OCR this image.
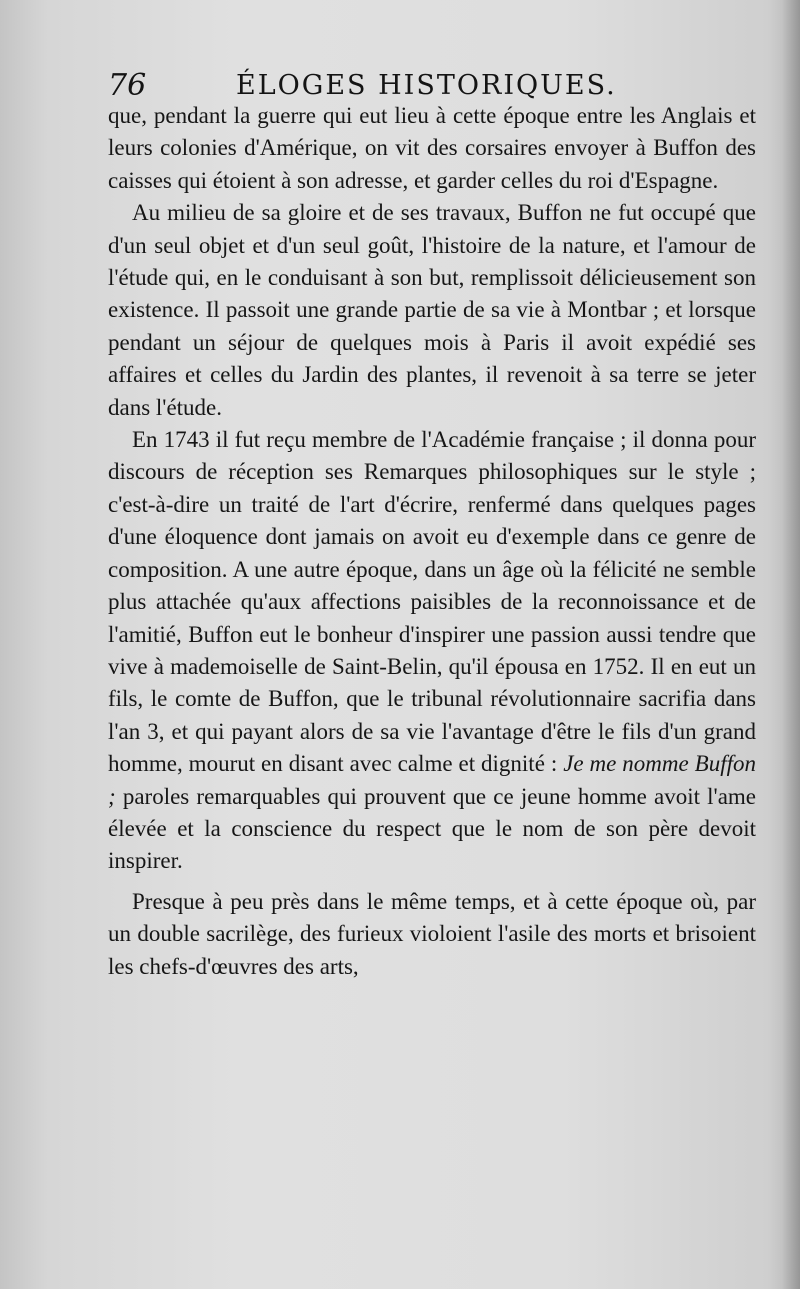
76	ÉLOGES HISTORIQUES.

que, pendant la guerre qui eut lieu à cette époque entre les Anglais et leurs colonies d'Amérique, on vit des corsaires envoyer à Buffon des caisses qui étoient à son adresse, et garder celles du roi d'Espagne.

Au milieu de sa gloire et de ses travaux, Buffon ne fut occupé que d'un seul objet et d'un seul goût, l'histoire de la nature, et l'amour de l'étude qui, en le conduisant à son but, remplissoit délicieusement son existence. Il passoit une grande partie de sa vie à Montbar ; et lorsque pendant un séjour de quelques mois à Paris il avoit expédié ses affaires et celles du Jardin des plantes, il revenoit à sa terre se jeter dans l'étude.

En 1743 il fut reçu membre de l'Académie française ; il donna pour discours de réception ses Remarques philosophiques sur le style ; c'est-à-dire un traité de l'art d'écrire, renfermé dans quelques pages d'une éloquence dont jamais on avoit eu d'exemple dans ce genre de composition. A une autre époque, dans un âge où la félicité ne semble plus attachée qu'aux affections paisibles de la reconnoissance et de l'amitié, Buffon eut le bonheur d'inspirer une passion aussi tendre que vive à mademoiselle de Saint-Belin, qu'il épousa en 1752. Il en eut un fils, le comte de Buffon, que le tribunal révolutionnaire sacrifia dans l'an 3, et qui payant alors de sa vie l'avantage d'être le fils d'un grand homme, mourut en disant avec calme et dignité : Je me nomme Buffon ; paroles remarquables qui prouvent que ce jeune homme avoit l'ame élevée et la conscience du respect que le nom de son père devoit inspirer.

Presque à peu près dans le même temps, et à cette époque où, par un double sacrilège, des furieux violoient l'asile des morts et brisoient les chefs-d'œuvres des arts,
